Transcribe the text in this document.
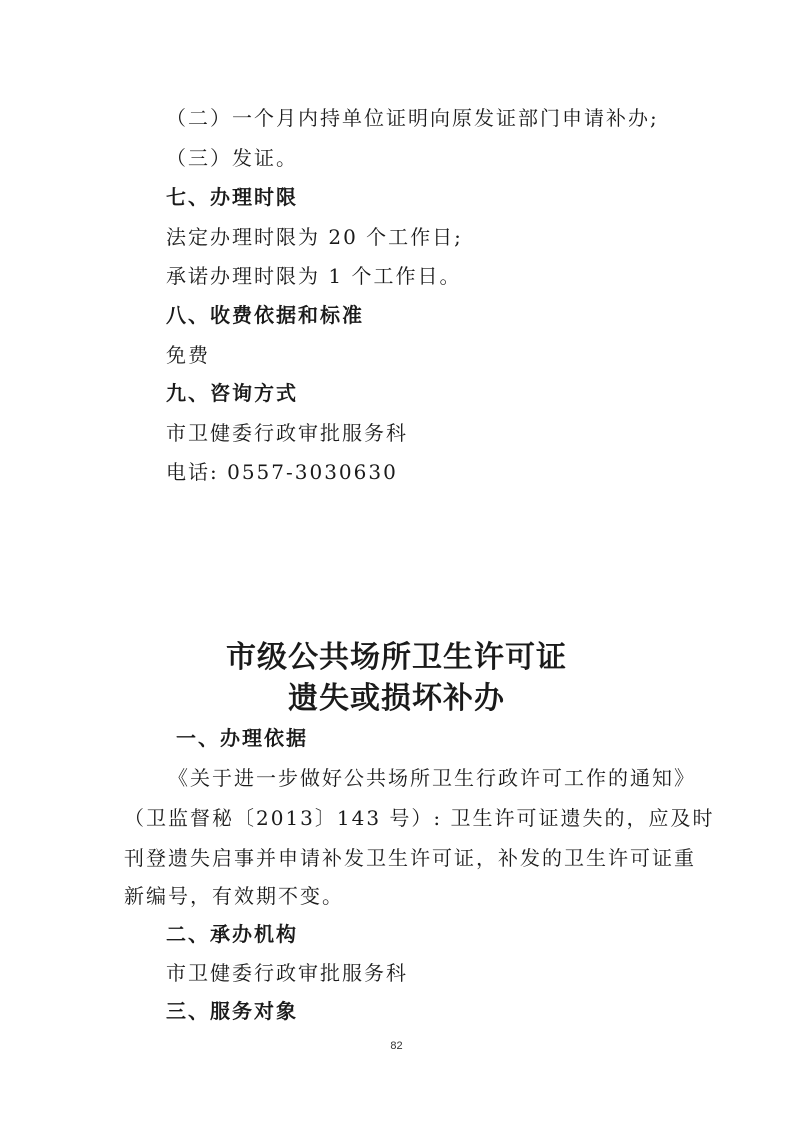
（二）一个月内持单位证明向原发证部门申请补办;
（三）发证。
七、办理时限
法定办理时限为 20 个工作日;
承诺办理时限为 1 个工作日。
八、收费依据和标准
免费
九、咨询方式
市卫健委行政审批服务科
电话: 0557-3030630
市级公共场所卫生许可证
遗失或损坏补办
一、办理依据
《关于进一步做好公共场所卫生行政许可工作的通知》
（卫监督秘〔2013〕143 号）: 卫生许可证遗失的，应及时
刊登遗失启事并申请补发卫生许可证，补发的卫生许可证重
新编号，有效期不变。
二、承办机构
市卫健委行政审批服务科
三、服务对象
82
